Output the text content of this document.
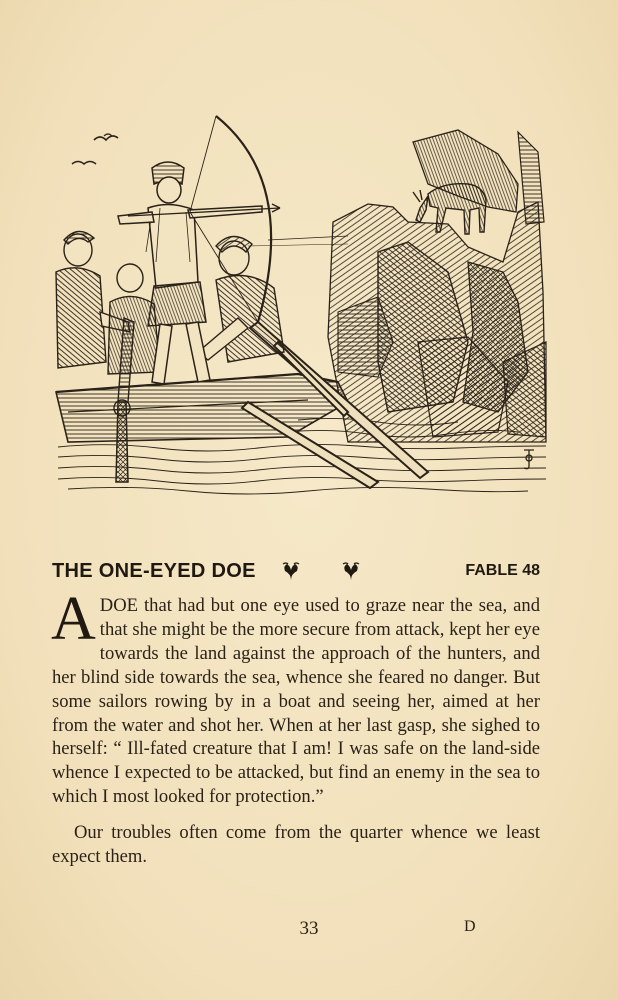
THE ONE-EYED DOE	FABLE 48

ADOE that had but one eye used to graze near the sea, and that she might be the more secure from attack, kept her eye towards the land against the approach of the hunters, and her blind side towards the sea, whence she feared no danger. But some sailors rowing by in a boat and seeing her, aimed at her from the water and shot her. When at her last gasp, she sighed to herself: “ Ill-fated creature that I am! I was safe on the land-side whence I expected to be attacked, but find an enemy in the sea to which I most looked for protection.”

Our troubles often come from the quarter whence we least expect them.

33	D
